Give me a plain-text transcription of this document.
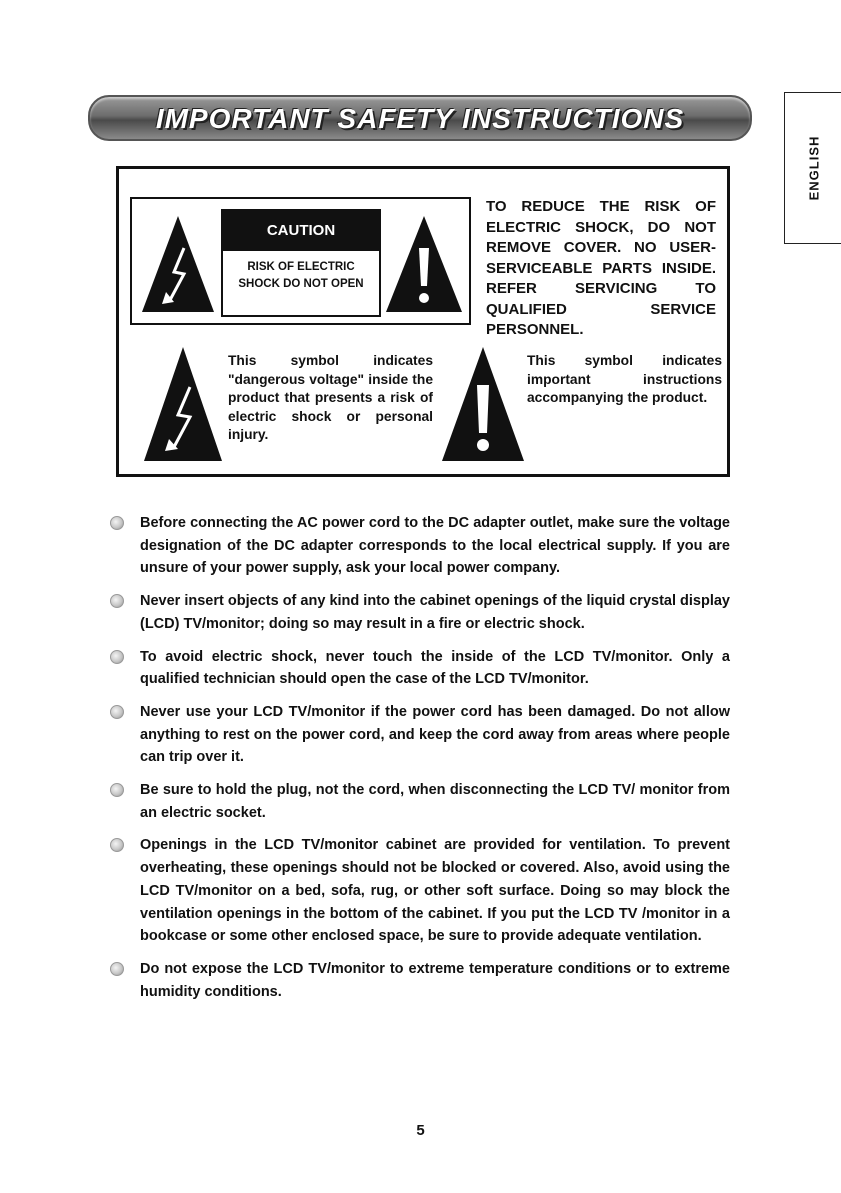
IMPORTANT SAFETY INSTRUCTIONS
ENGLISH
CAUTION
RISK OF ELECTRIC SHOCK DO NOT OPEN
TO REDUCE THE RISK OF ELECTRIC SHOCK, DO NOT REMOVE COVER. NO USER-SERVICEABLE PARTS INSIDE. REFER SERVICING TO QUALIFIED SERVICE PERSONNEL.
This symbol indicates "dangerous voltage" inside the product that presents a risk of electric shock or personal injury.
This symbol indicates important instructions accompanying the product.

Before connecting the AC power cord to the DC adapter outlet, make sure the voltage designation of the DC adapter corresponds to the local electrical supply. If you are unsure of your power supply, ask your local power company.

Never insert objects of any kind into the cabinet openings of the liquid crystal display (LCD) TV/monitor; doing so may result in a fire or electric shock.

To avoid electric shock, never touch the inside of the LCD TV/monitor. Only a qualified technician should open the case of the LCD TV/monitor.

Never use your LCD TV/monitor if the power cord has been damaged. Do not allow anything to rest on the power cord, and keep the cord away from areas where people can trip over it.

Be sure to hold the plug, not the cord, when disconnecting the LCD TV/ monitor from an electric socket.

Openings in the LCD TV/monitor cabinet are provided for ventilation. To prevent overheating, these openings should not be blocked or covered. Also, avoid using the LCD TV/monitor on a bed, sofa, rug, or other soft surface. Doing so may block the ventilation openings in the bottom of the cabinet. If you put the LCD TV /monitor in a bookcase or some other enclosed space, be sure to provide adequate ventilation.

Do not expose the LCD TV/monitor to extreme temperature conditions or to extreme humidity conditions.

5
